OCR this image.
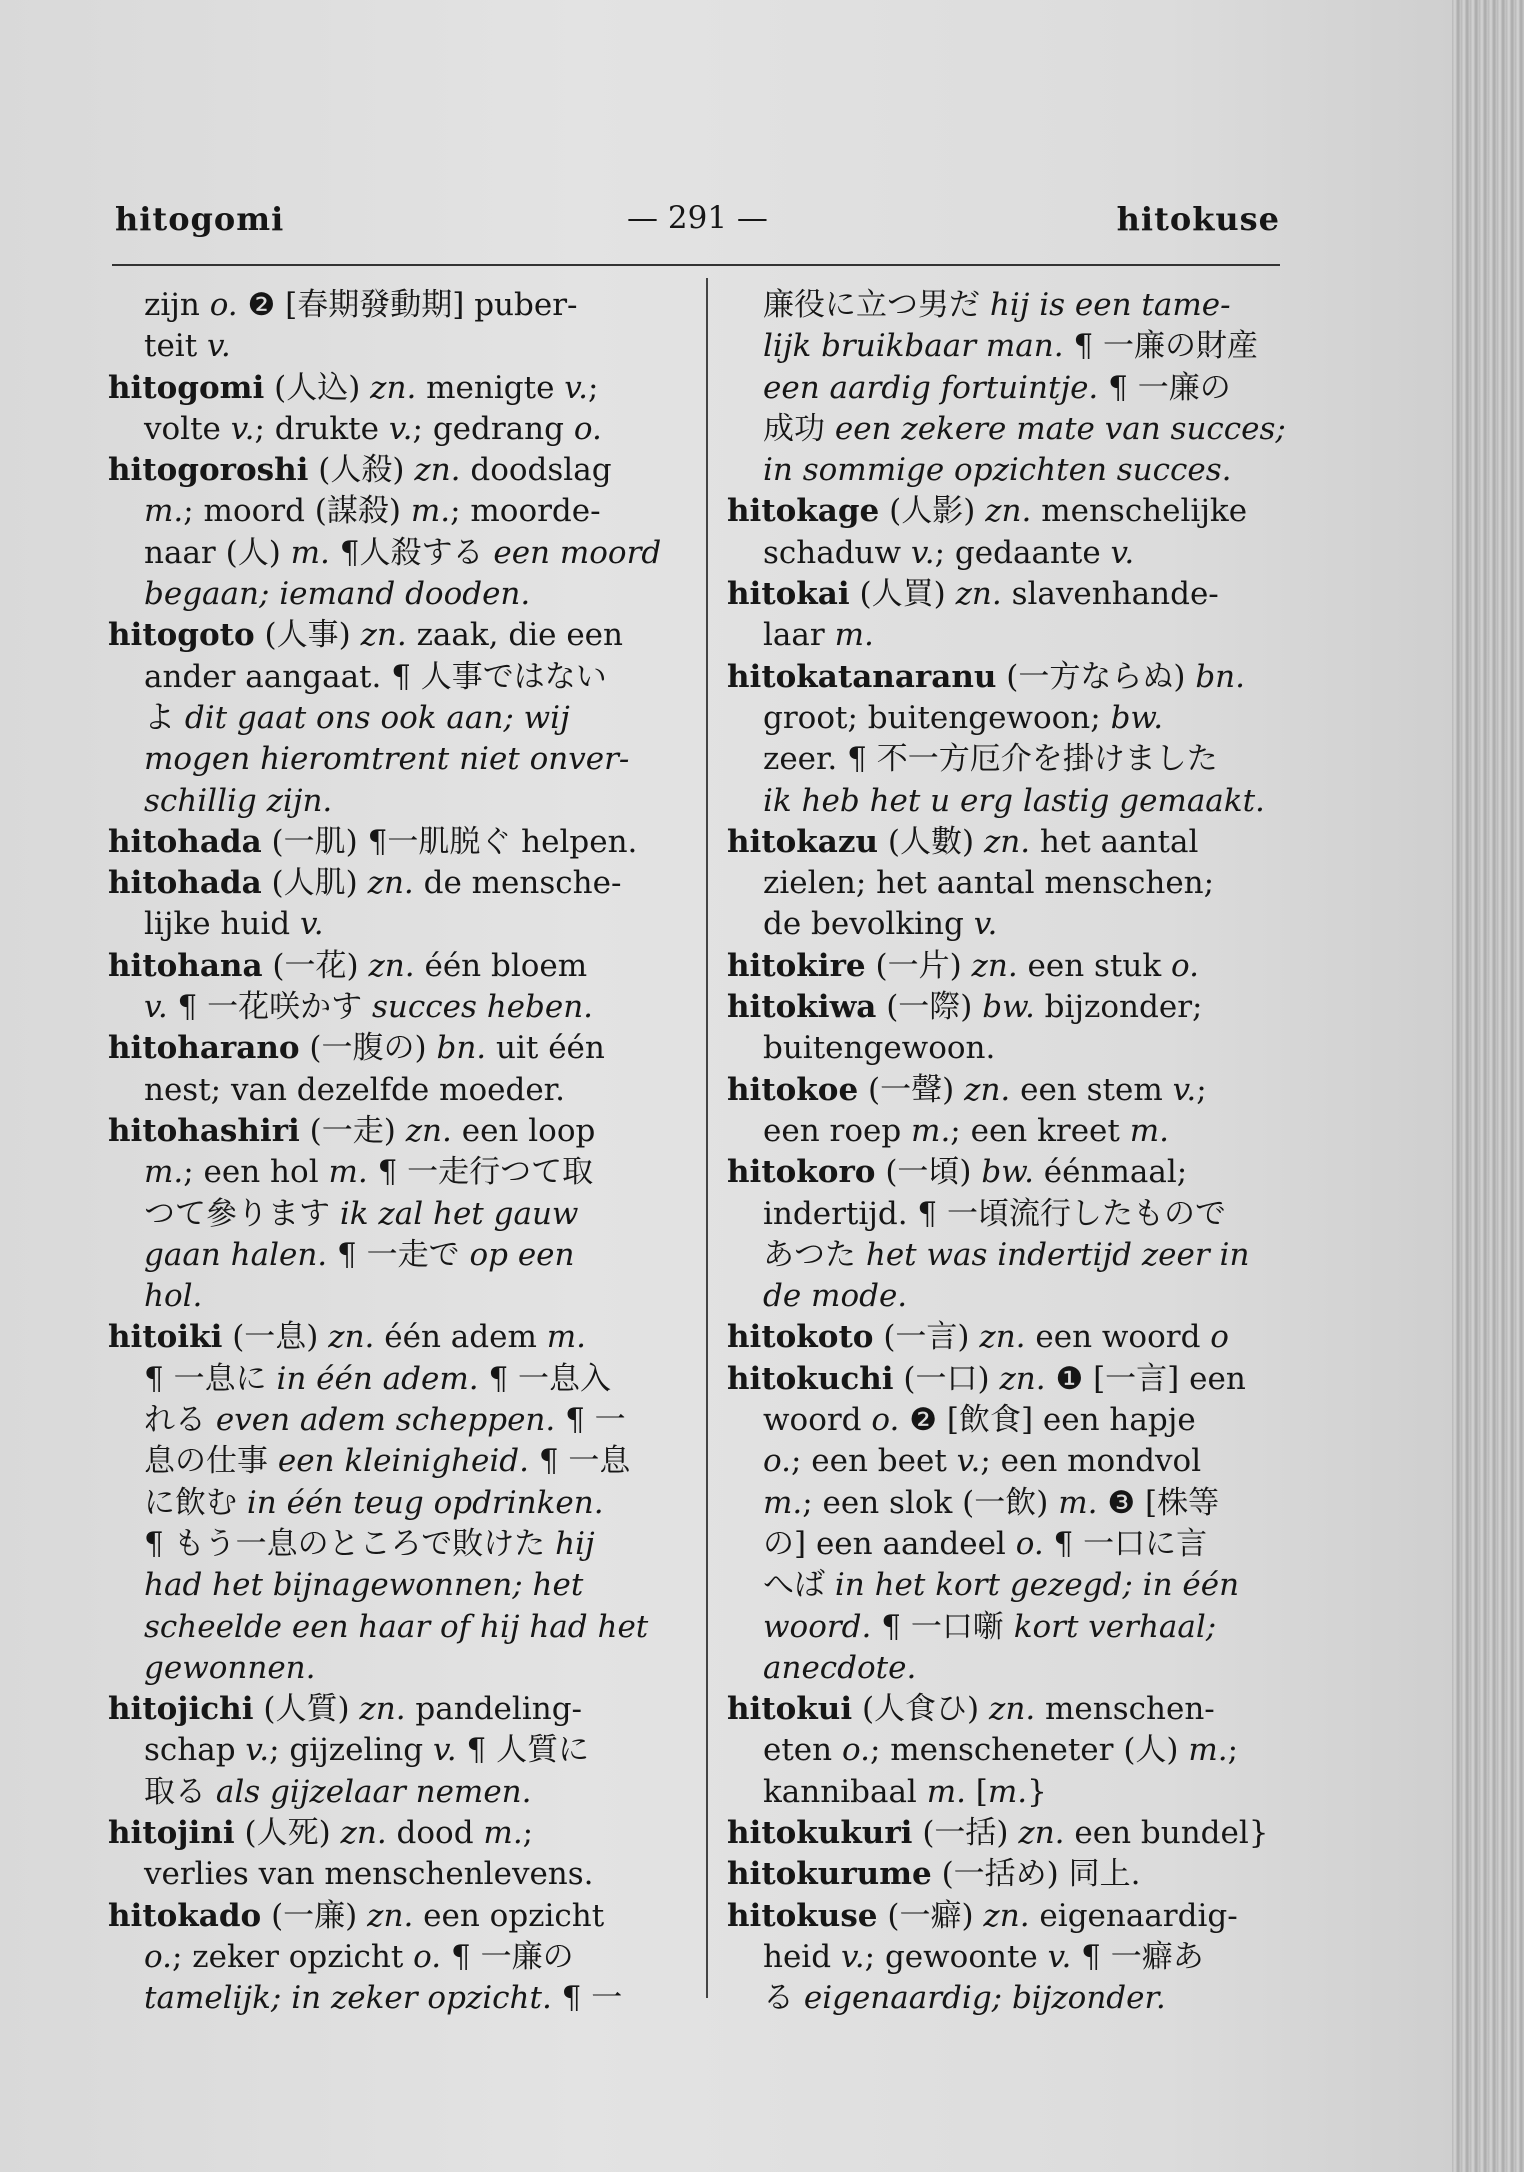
hitogomi	— 291 —	hitokuse
zijn o. ❷ [春期發動期] puber-
teit v.
hitogomi (人込) zn. menigte v.;
volte v.; drukte v.; gedrang o.
hitogoroshi (人殺) zn. doodslag
m.; moord (謀殺) m.; moorde-
naar (人) m. ¶人殺する een moord
begaan; iemand dooden.
hitogoto (人事) zn. zaak, die een
ander aangaat. ¶ 人事ではない
よ dit gaat ons ook aan; wij
mogen hieromtrent niet onver-
schillig zijn.
hitohada (一肌) ¶一肌脱ぐ helpen.
hitohada (人肌) zn. de mensche-
lijke huid v.
hitohana (一花) zn. één bloem
v. ¶ 一花咲かす succes heben.
hitoharano (一腹の) bn. uit één
nest; van dezelfde moeder.
hitohashiri (一走) zn. een loop
m.; een hol m. ¶ 一走行つて取
つて參ります ik zal het gauw
gaan halen. ¶ 一走で op een
hol.
hitoiki (一息) zn. één adem m.
¶ 一息に in één adem. ¶ 一息入
れる even adem scheppen. ¶ 一
息の仕事 een kleinigheid. ¶ 一息
に飲む in één teug opdrinken.
¶ もう一息のところで敗けた hij
had het bijnagewonnen; het
scheelde een haar of hij had het
gewonnen.
hitojichi (人質) zn. pandeling-
schap v.; gijzeling v. ¶ 人質に
取る als gijzelaar nemen.
hitojini (人死) zn. dood m.;
verlies van menschenlevens.
hitokado (一廉) zn. een opzicht
o.; zeker opzicht o. ¶ 一廉の
tamelijk; in zeker opzicht. ¶ 一
廉役に立つ男だ hij is een tame-
lijk bruikbaar man. ¶ 一廉の財産
een aardig fortuintje. ¶ 一廉の
成功 een zekere mate van succes;
in sommige opzichten succes.
hitokage (人影) zn. menschelijke
schaduw v.; gedaante v.
hitokai (人買) zn. slavenhande-
laar m.
hitokatanaranu (一方ならぬ) bn.
groot; buitengewoon; bw.
zeer. ¶ 不一方厄介を掛けました
ik heb het u erg lastig gemaakt.
hitokazu (人數) zn. het aantal
zielen; het aantal menschen;
de bevolking v.
hitokire (一片) zn. een stuk o.
hitokiwa (一際) bw. bijzonder;
buitengewoon.
hitokoe (一聲) zn. een stem v.;
een roep m.; een kreet m.
hitokoro (一頃) bw. éénmaal;
indertijd. ¶ 一頃流行したもので
あつた het was indertijd zeer in
de mode.
hitokoto (一言) zn. een woord o
hitokuchi (一口) zn. ❶ [一言] een
woord o. ❷ [飲食] een hapje
o.; een beet v.; een mondvol
m.; een slok (一飲) m. ❸ [株等
の] een aandeel o. ¶ 一口に言
へば in het kort gezegd; in één
woord. ¶ 一口噺 kort verhaal;
anecdote.
hitokui (人食ひ) zn. menschen-
eten o.; menscheneter (人) m.;
kannibaal m. [m.}
hitokukuri (一括) zn. een bundel}
hitokurume (一括め) 同上.
hitokuse (一癖) zn. eigenaardig-
heid v.; gewoonte v. ¶ 一癖あ
る eigenaardig; bijzonder.
